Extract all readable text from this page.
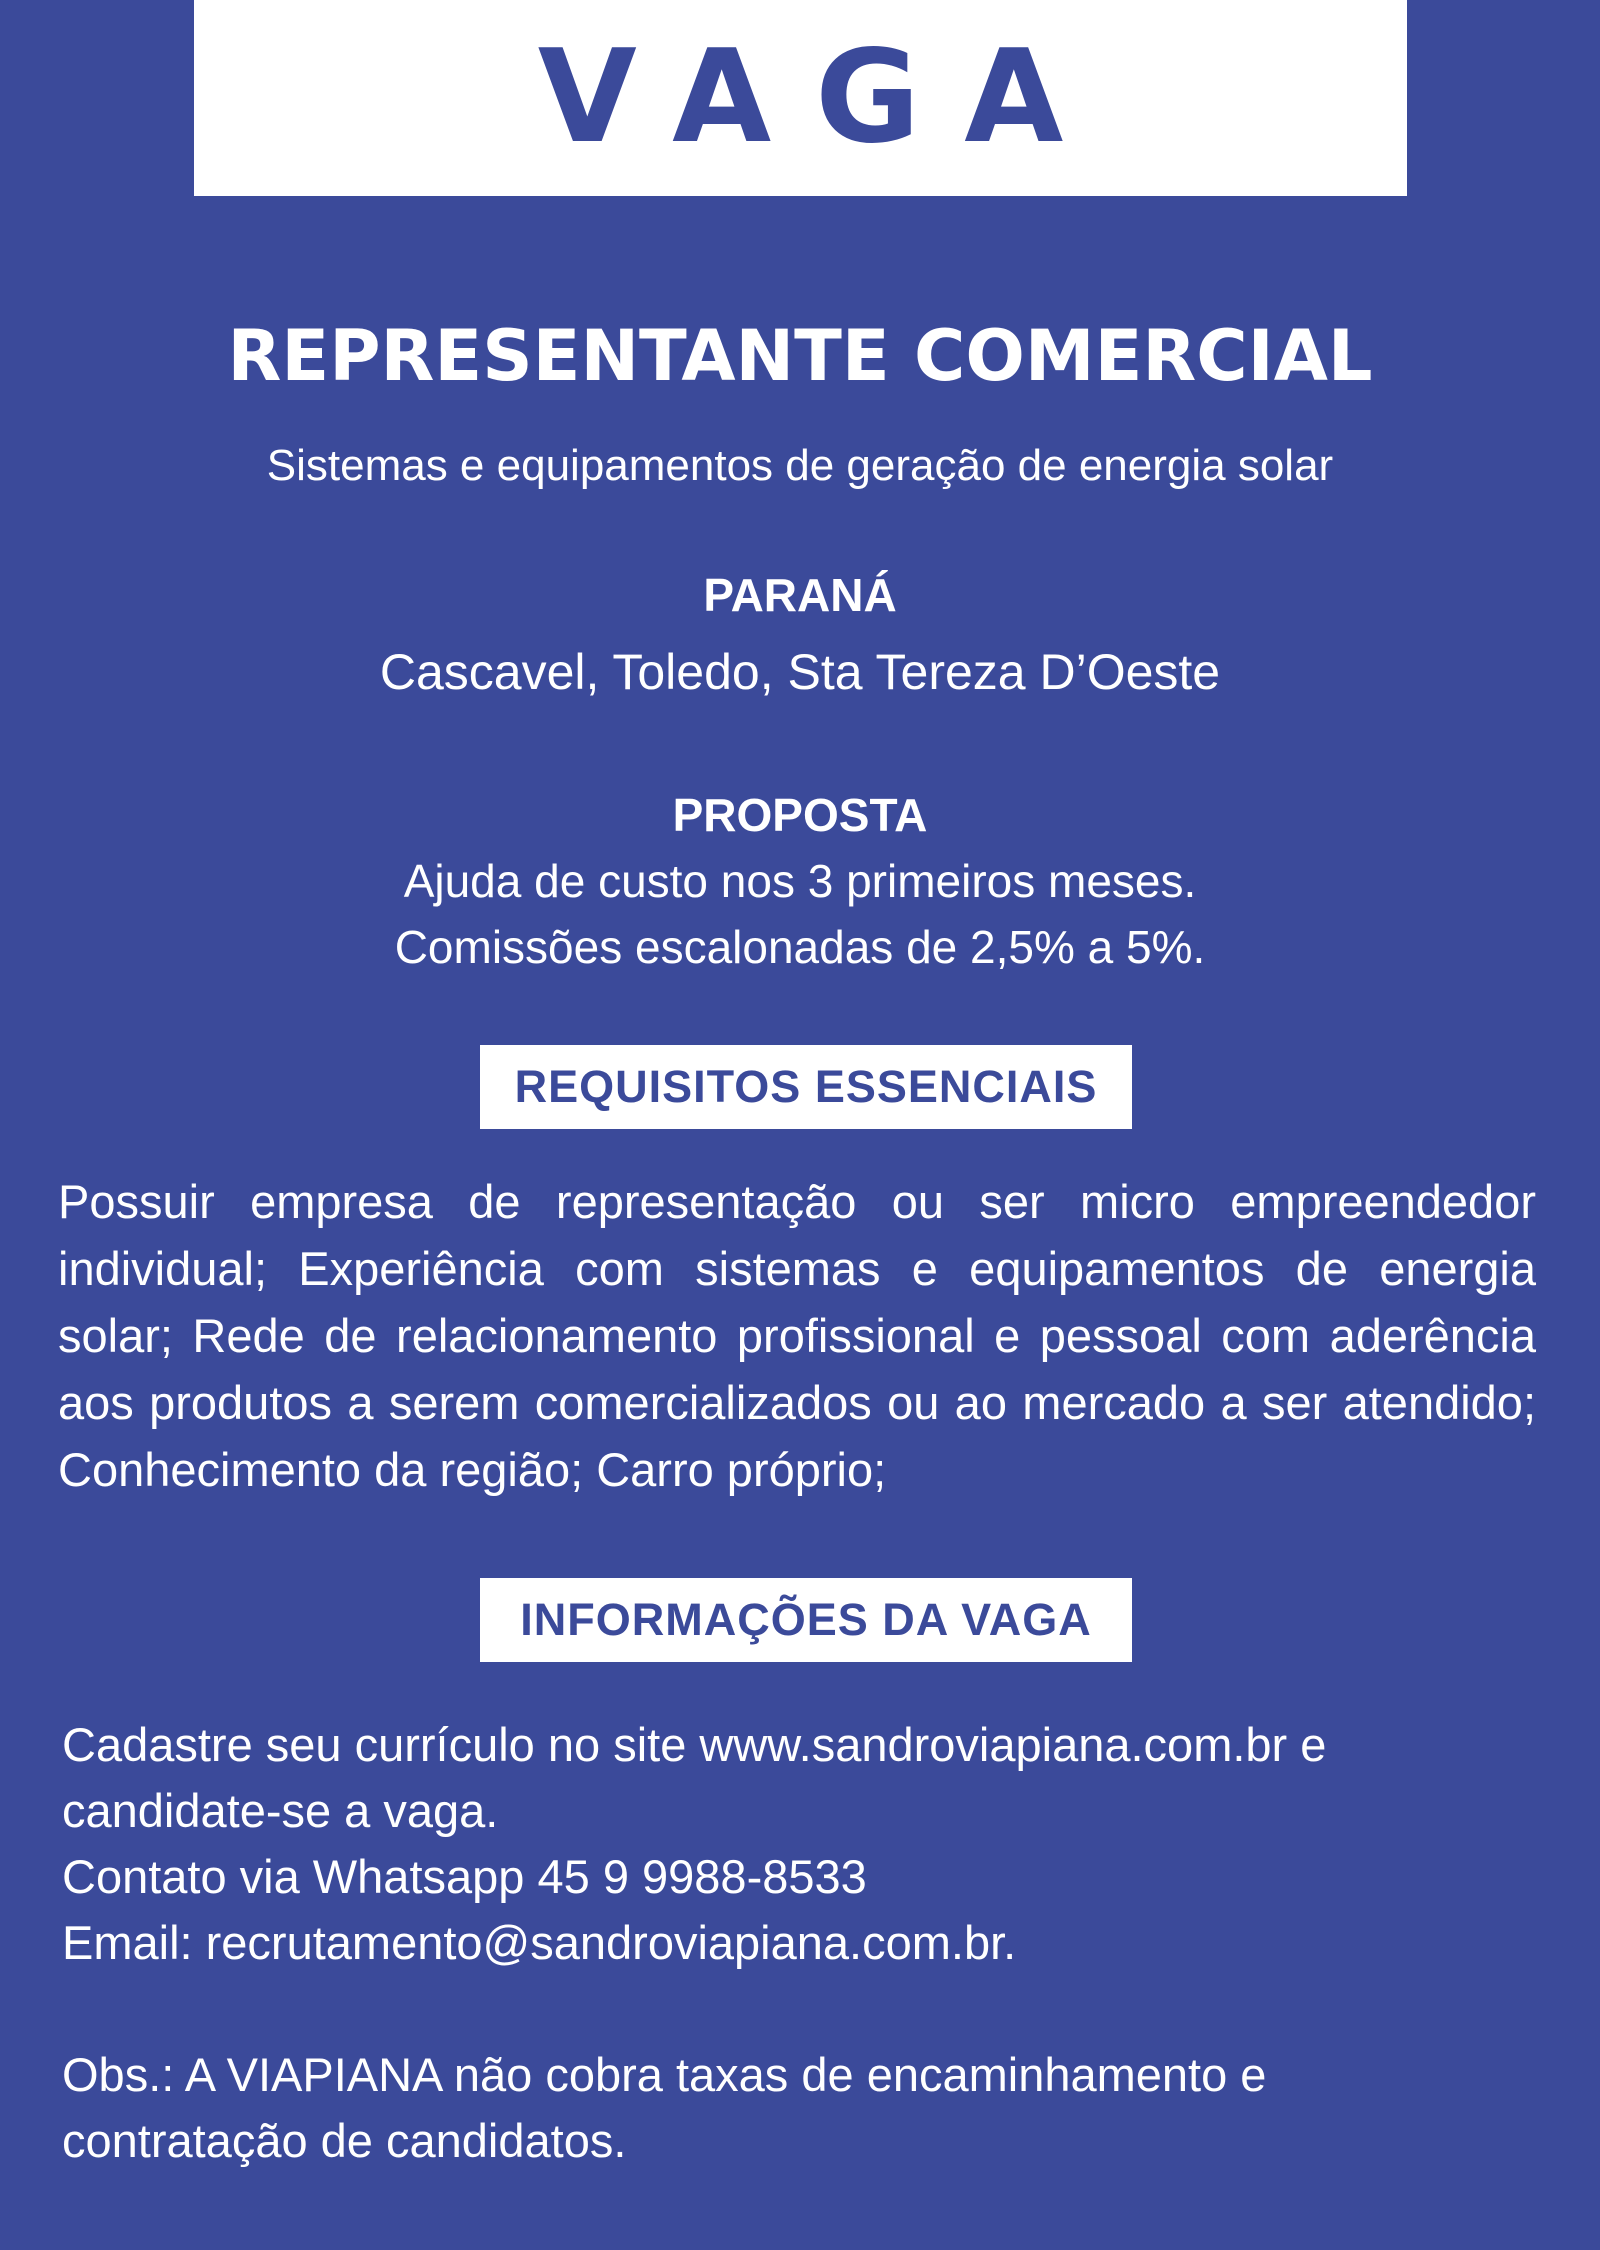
VAGA
REPRESENTANTE COMERCIAL
Sistemas e equipamentos de geração de energia solar
PARANÁ
Cascavel, Toledo, Sta Tereza D’Oeste
PROPOSTA
Ajuda de custo nos 3 primeiros meses.
Comissões escalonadas de 2,5% a 5%.
REQUISITOS ESSENCIAIS
Possuir empresa de representação ou ser micro empreendedor individual; Experiência com sistemas e equipamentos de energia solar; Rede de relacionamento profissional e pessoal com aderência aos produtos a serem comercializados ou ao mercado a ser atendido; Conhecimento da região; Carro próprio;
INFORMAÇÕES DA VAGA
Cadastre seu currículo no site www.sandroviapiana.com.br e
candidate-se a vaga.
Contato via Whatsapp 45 9 9988-8533
Email: recrutamento@sandroviapiana.com.br.
Obs.: A VIAPIANA não cobra taxas de encaminhamento e
contratação de candidatos.
